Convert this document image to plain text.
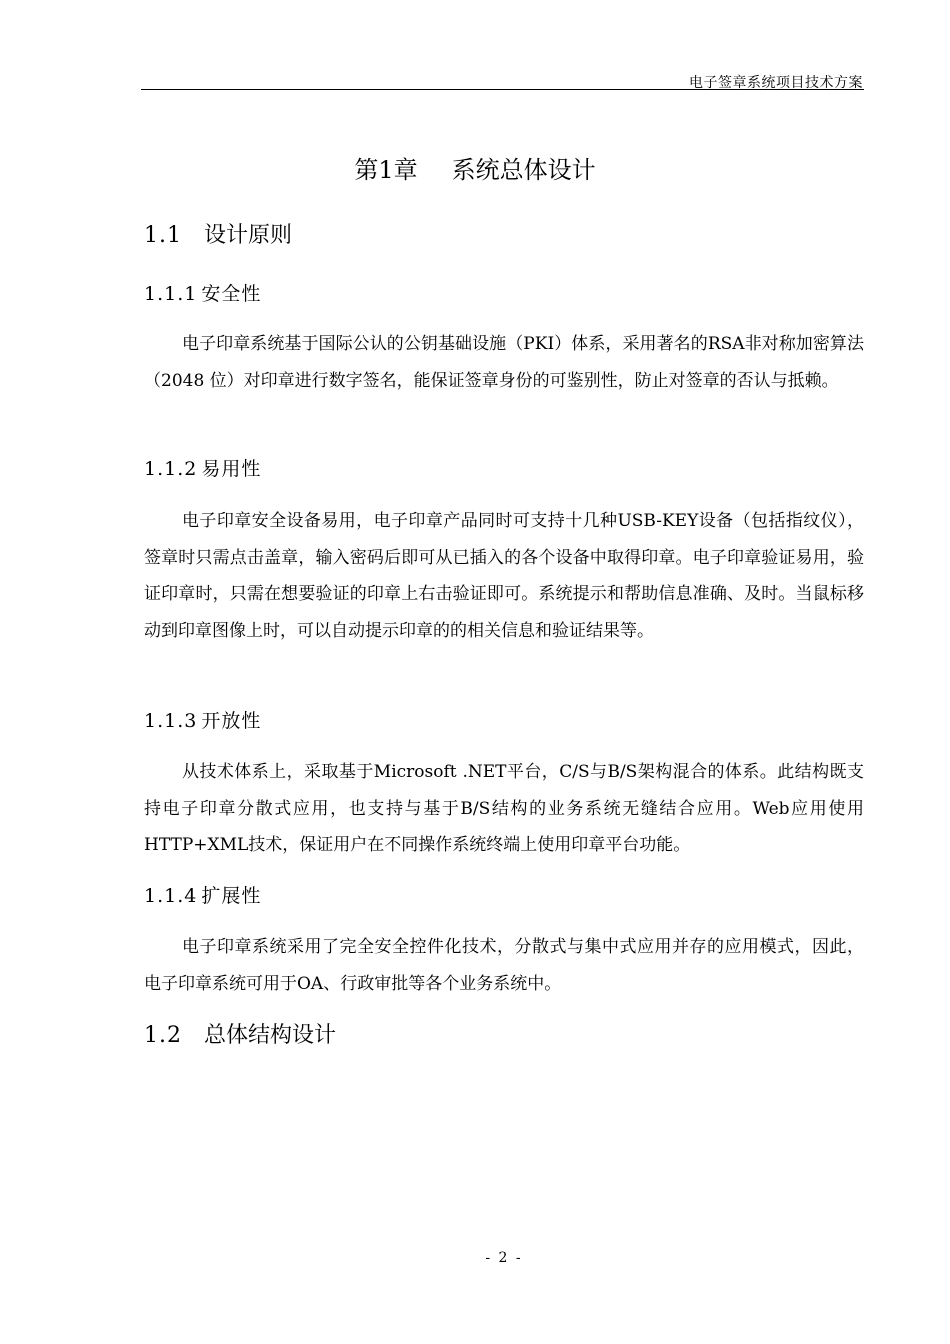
电子签章系统项目技术方案
第1章 系统总体设计
1.1 设计原则
1.1.1 安全性
电子印章系统基于国际公认的公钥基础设施（PKI）体系，采用著名的RSA非对称加密算法（2048 位）对印章进行数字签名，能保证签章身份的可鉴别性，防止对签章的否认与抵赖。
1.1.2 易用性
电子印章安全设备易用，电子印章产品同时可支持十几种USB-KEY设备（包括指纹仪），签章时只需点击盖章，输入密码后即可从已插入的各个设备中取得印章。电子印章验证易用，验证印章时，只需在想要验证的印章上右击验证即可。系统提示和帮助信息准确、及时。当鼠标移动到印章图像上时，可以自动提示印章的的相关信息和验证结果等。
1.1.3 开放性
从技术体系上，采取基于Microsoft .NET平台，C/S与B/S架构混合的体系。此结构既支持电子印章分散式应用，也支持与基于B/S结构的业务系统无缝结合应用。Web应用使用HTTP+XML技术，保证用户在不同操作系统终端上使用印章平台功能。
1.1.4 扩展性
电子印章系统采用了完全安全控件化技术，分散式与集中式应用并存的应用模式，因此， 电子印章系统可用于OA、行政审批等各个业务系统中。
1.2 总体结构设计
- 2 -
